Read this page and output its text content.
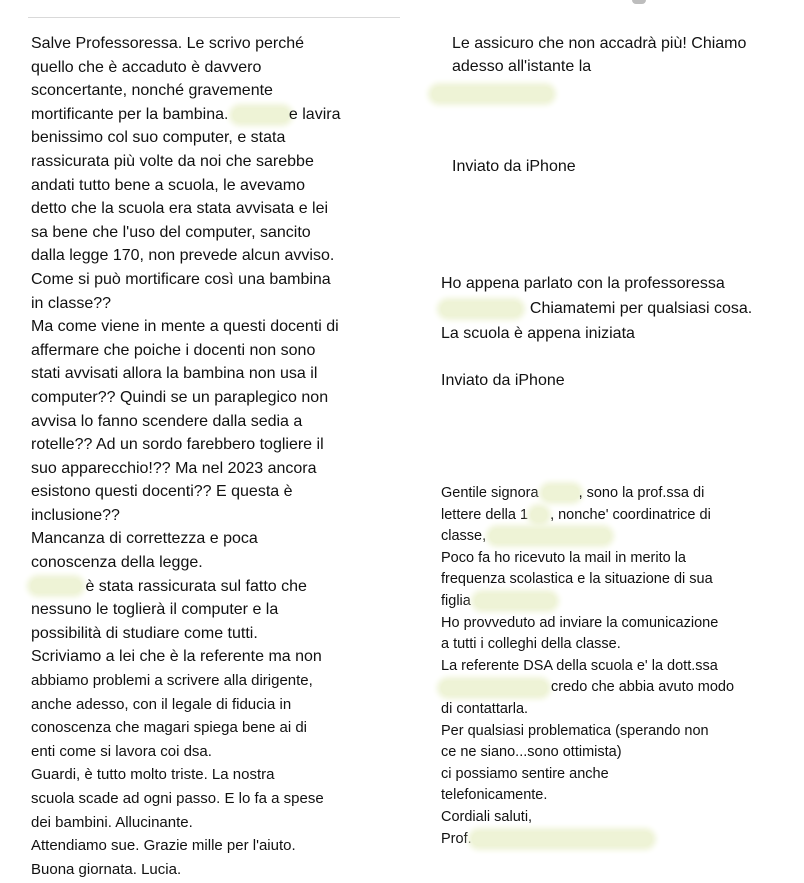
Salve Professoressa. Le scrivo perché
quello che è accaduto è davvero
sconcertante, nonché gravemente
mortificante per la bambina.	e lavira
benissimo col suo computer, e stata
rassicurata più volte da noi che sarebbe
andati tutto bene a scuola, le avevamo
detto che la scuola era stata avvisata e lei
sa bene che l'uso del computer, sancito
dalla legge 170, non prevede alcun avviso.
Come si può mortificare così una bambina
in classe??
Ma come viene in mente a questi docenti di
affermare che poiche i docenti non sono
stati avvisati allora la bambina non usa il
computer?? Quindi se un paraplegico non
avvisa lo fanno scendere dalla sedia a
rotelle?? Ad un sordo farebbero togliere il
suo apparecchio!?? Ma nel 2023 ancora
esistono questi docenti?? E questa è
inclusione??
Mancanza di correttezza e poca
conoscenza della legge.
è stata rassicurata sul fatto che
nessuno le toglierà il computer e la
possibilità di studiare come tutti.
Scriviamo a lei che è la referente ma non
abbiamo problemi a scrivere alla dirigente,
anche adesso, con il legale di fiducia in
conoscenza che magari spiega bene ai di
enti come si lavora coi dsa.
Guardi, è tutto molto triste. La nostra
scuola scade ad ogni passo. E lo fa a spese
dei bambini. Allucinante.
Attendiamo sue. Grazie mille per l'aiuto.
Buona giornata. Lucia.
Le assicuro che non accadrà più! Chiamo
adesso all'istante la
Inviato da iPhone
Ho appena parlato con la professoressa
Chiamatemi per qualsiasi cosa.
La scuola è appena iniziata
Inviato da iPhone
Gentile signora	, sono la prof.ssa di
lettere della 1 , nonche' coordinatrice di
classe,
Poco fa ho ricevuto la mail in merito la
frequenza scolastica e la situazione di sua
figlia
Ho provveduto ad inviare la comunicazione
a tutti i colleghi della classe.
La referente DSA della scuola e' la dott.ssa
credo che abbia avuto modo
di contattarla.
Per qualsiasi problematica (sperando non
ce ne siano...sono ottimista)
ci possiamo sentire anche
telefonicamente.
Cordiali saluti,
Prof.
